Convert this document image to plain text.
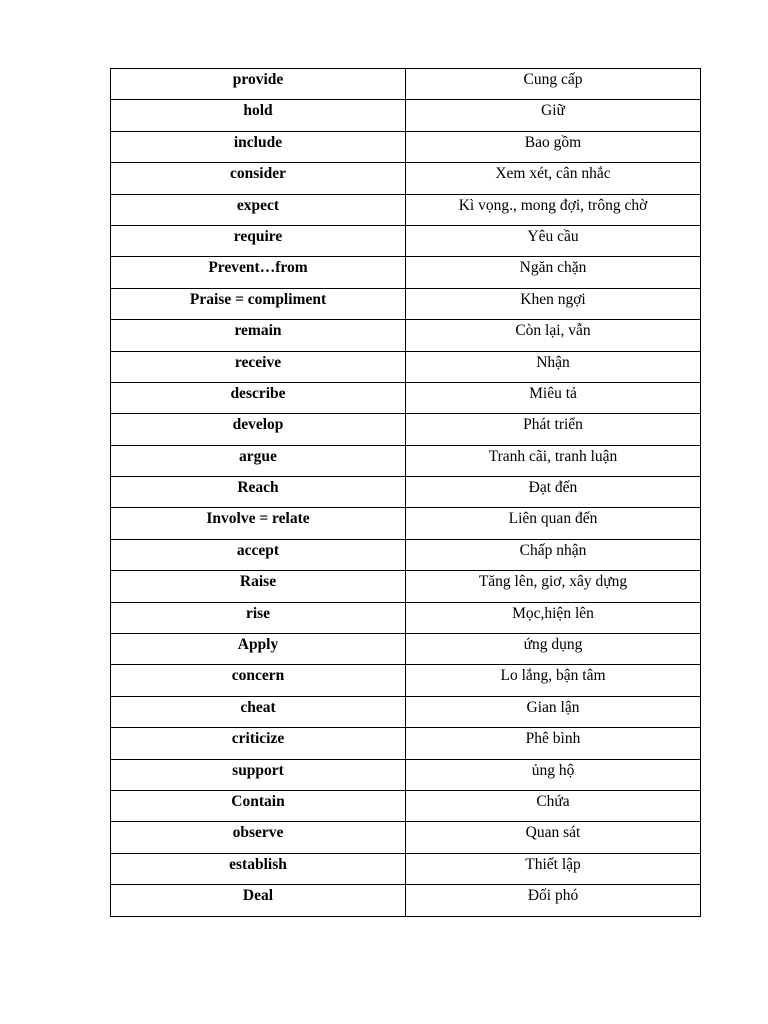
provide	Cung cấp
hold	Giữ
include	Bao gồm
consider	Xem xét, cân nhắc
expect	Kì vọng., mong đợi, trông chờ
require	Yêu cầu
Prevent…from	Ngăn chặn
Praise = compliment	Khen ngợi
remain	Còn lại, vẫn
receive	Nhận
describe	Miêu tả
develop	Phát triển
argue	Tranh cãi, tranh luận
Reach	Đạt đến
Involve = relate	Liên quan đến
accept	Chấp nhận
Raise	Tăng lên, giơ, xây dựng
rise	Mọc,hiện lên
Apply	ứng dụng
concern	Lo lắng, bận tâm
cheat	Gian lận
criticize	Phê bình
support	ủng hộ
Contain	Chứa
observe	Quan sát
establish	Thiết lập
Deal	Đối phó
